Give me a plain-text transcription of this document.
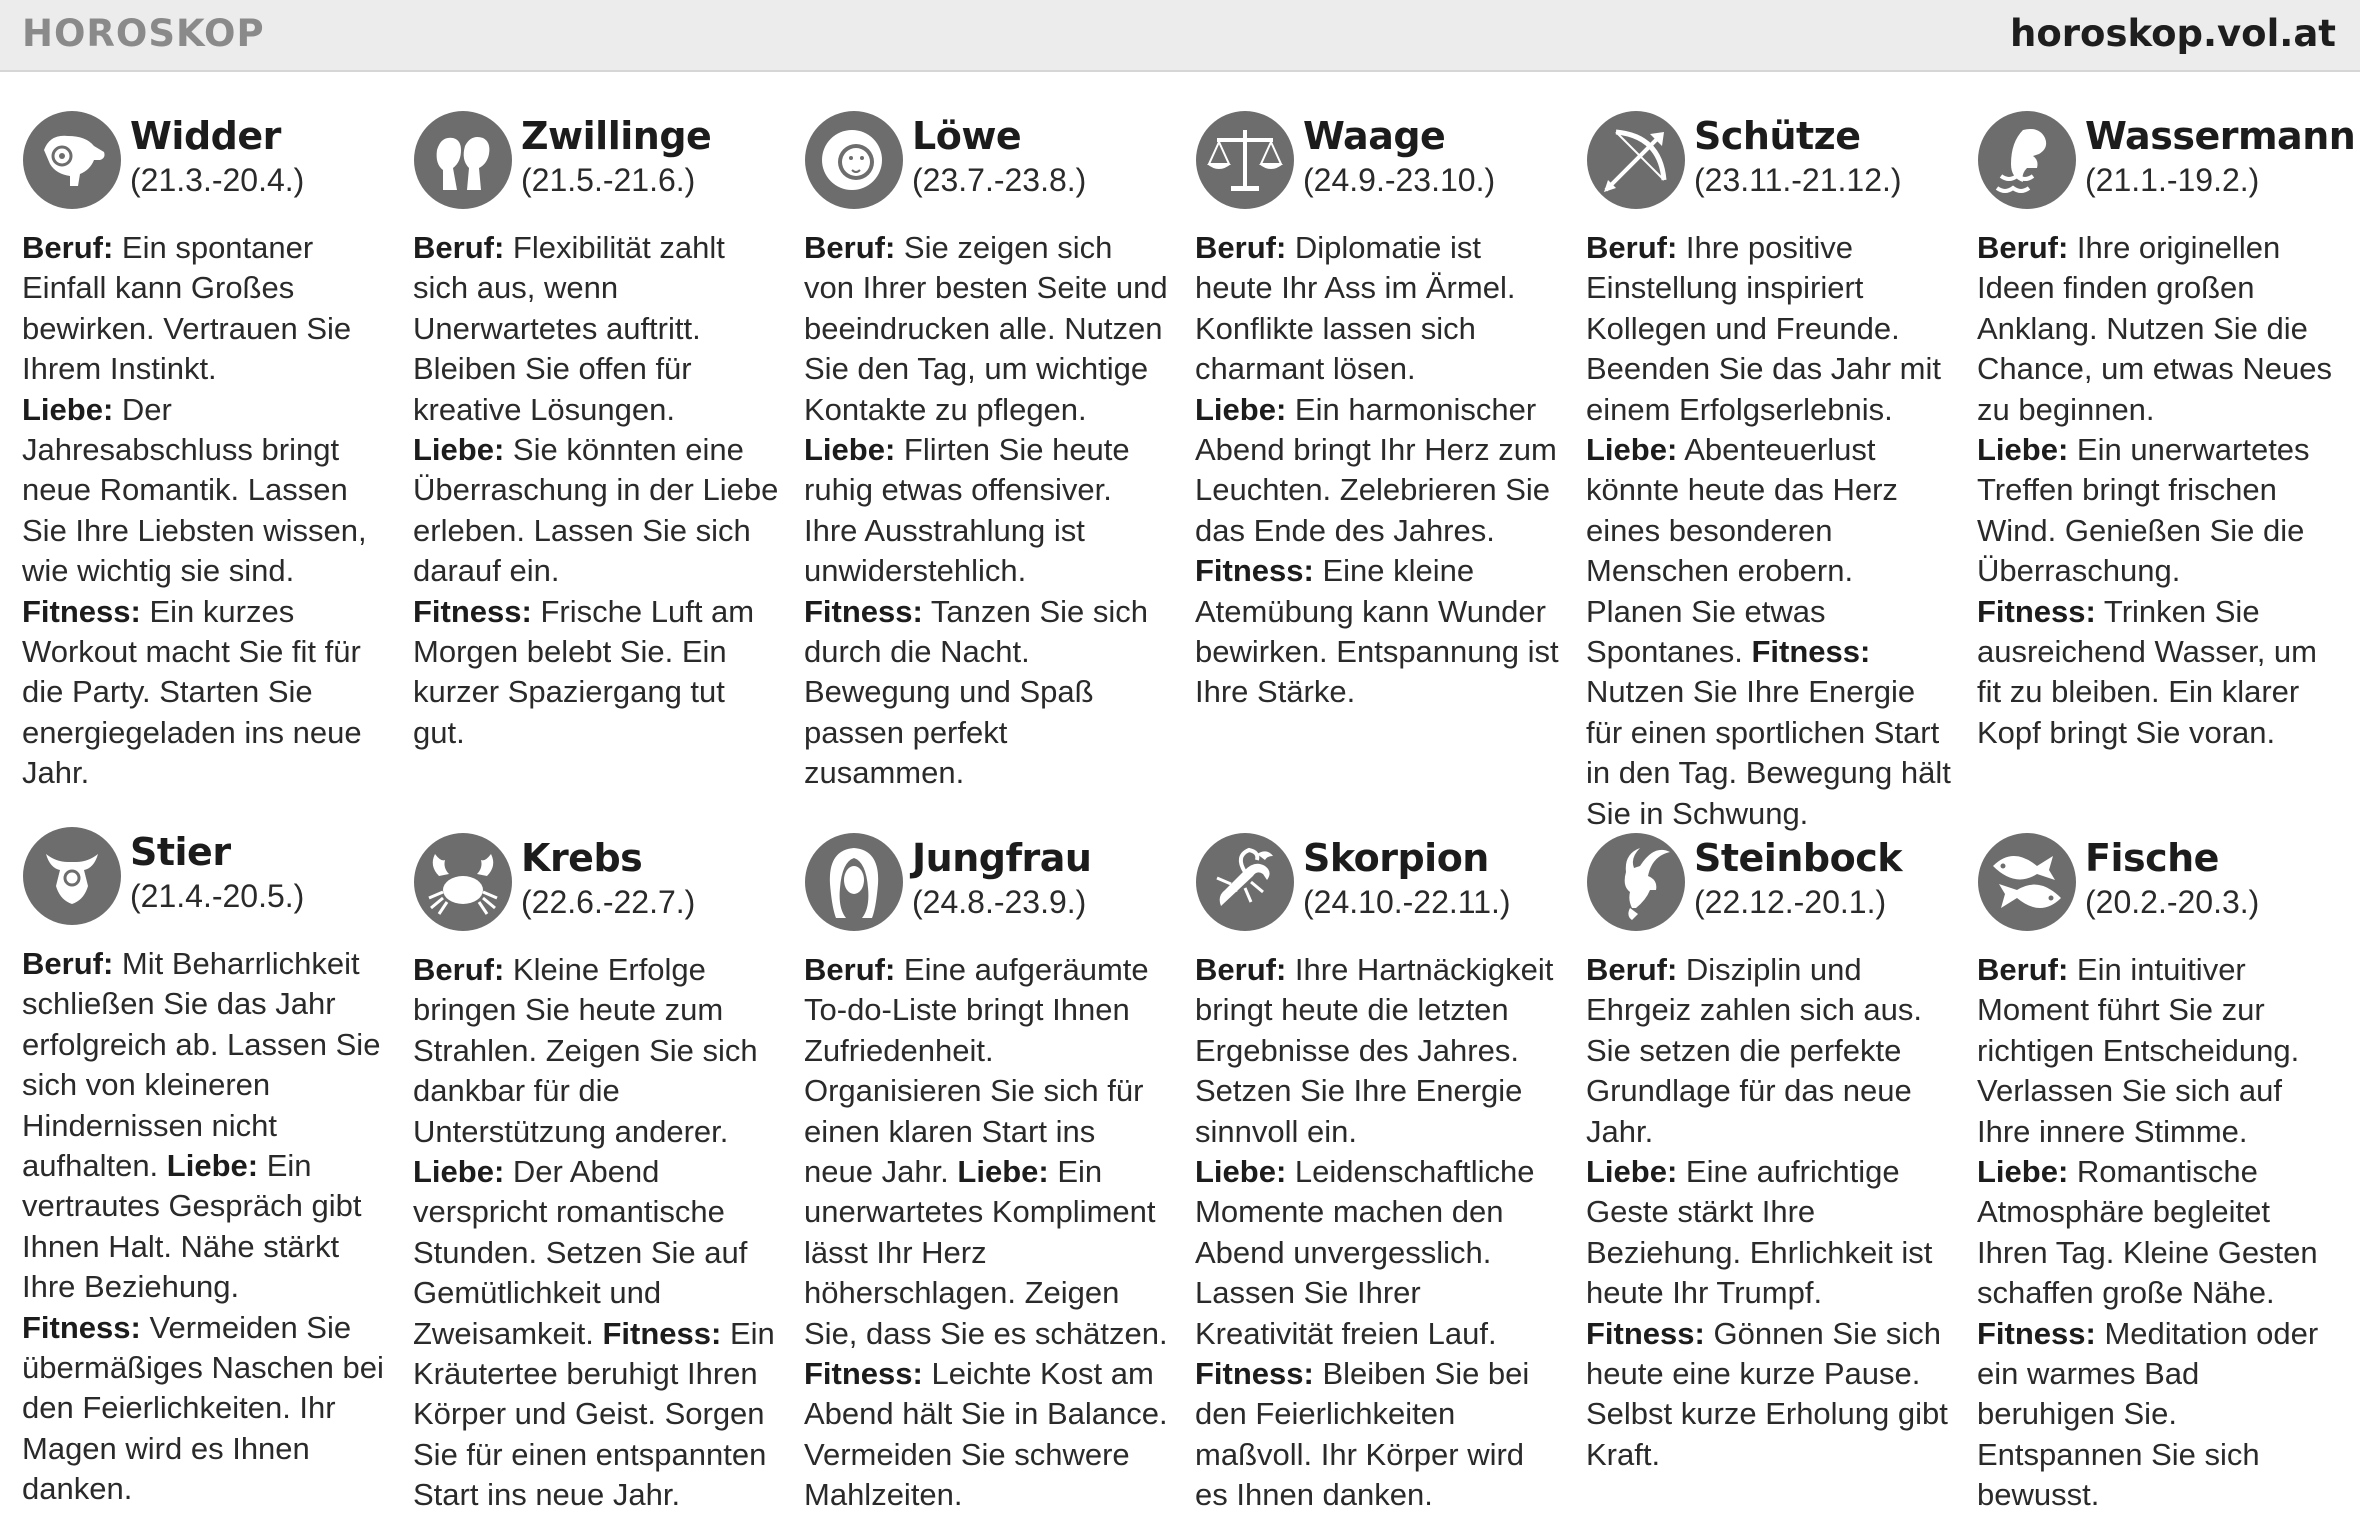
HOROSKOP	horoskop.vol.at
Widder
(21.3.-20.4.)
Beruf: Ein spontaner Einfall kann Großes bewirken. Vertrauen Sie Ihrem Instinkt.
Liebe: Der Jahresabschluss bringt neue Romantik. Lassen Sie Ihre Liebsten wissen, wie wichtig sie sind.
Fitness: Ein kurzes Workout macht Sie fit für die Party. Starten Sie energiegeladen ins neue Jahr.
Zwillinge
(21.5.-21.6.)
Beruf: Flexibilität zahlt sich aus, wenn Unerwartetes auftritt. Bleiben Sie offen für kreative Lösungen.
Liebe: Sie könnten eine Überraschung in der Liebe erleben. Lassen Sie sich darauf ein.
Fitness: Frische Luft am Morgen belebt Sie. Ein kurzer Spaziergang tut gut.
Löwe
(23.7.-23.8.)
Beruf: Sie zeigen sich von Ihrer besten Seite und beeindrucken alle. Nutzen Sie den Tag, um wichtige Kontakte zu pflegen.
Liebe: Flirten Sie heute ruhig etwas offensiver. Ihre Ausstrahlung ist unwiderstehlich.
Fitness: Tanzen Sie sich durch die Nacht. Bewegung und Spaß passen perfekt zusammen.
Waage
(24.9.-23.10.)
Beruf: Diplomatie ist heute Ihr Ass im Ärmel. Konflikte lassen sich charmant lösen.
Liebe: Ein harmonischer Abend bringt Ihr Herz zum Leuchten. Zelebrieren Sie das Ende des Jahres.
Fitness: Eine kleine Atemübung kann Wunder bewirken. Entspannung ist Ihre Stärke.
Schütze
(23.11.-21.12.)
Beruf: Ihre positive Einstellung inspiriert Kollegen und Freunde. Beenden Sie das Jahr mit einem Erfolgserlebnis. Liebe: Abenteuerlust könnte heute das Herz eines besonderen Menschen erobern. Planen Sie etwas Spontanes. Fitness: Nutzen Sie Ihre Energie für einen sportlichen Start in den Tag. Bewegung hält Sie in Schwung.
Wassermann
(21.1.-19.2.)
Beruf: Ihre originellen Ideen finden großen Anklang. Nutzen Sie die Chance, um etwas Neues zu beginnen.
Liebe: Ein unerwartetes Treffen bringt frischen Wind. Genießen Sie die Überraschung.
Fitness: Trinken Sie ausreichend Wasser, um fit zu bleiben. Ein klarer Kopf bringt Sie voran.
Stier
(21.4.-20.5.)
Beruf: Mit Beharrlichkeit schließen Sie das Jahr erfolgreich ab. Lassen Sie sich von kleineren Hindernissen nicht aufhalten. Liebe: Ein vertrautes Gespräch gibt Ihnen Halt. Nähe stärkt Ihre Beziehung.
Fitness: Vermeiden Sie übermäßiges Naschen bei den Feierlichkeiten. Ihr Magen wird es Ihnen danken.
Krebs
(22.6.-22.7.)
Beruf: Kleine Erfolge bringen Sie heute zum Strahlen. Zeigen Sie sich dankbar für die Unterstützung anderer.
Liebe: Der Abend verspricht romantische Stunden. Setzen Sie auf Gemütlichkeit und Zweisamkeit. Fitness: Ein Kräutertee beruhigt Ihren Körper und Geist. Sorgen Sie für einen entspannten Start ins neue Jahr.
Jungfrau
(24.8.-23.9.)
Beruf: Eine aufgeräumte To-do-Liste bringt Ihnen Zufriedenheit. Organisieren Sie sich für einen klaren Start ins neue Jahr. Liebe: Ein unerwartetes Kompliment lässt Ihr Herz höherschlagen. Zeigen Sie, dass Sie es schätzen.
Fitness: Leichte Kost am Abend hält Sie in Balance. Vermeiden Sie schwere Mahlzeiten.
Skorpion
(24.10.-22.11.)
Beruf: Ihre Hartnäckigkeit bringt heute die letzten Ergebnisse des Jahres. Setzen Sie Ihre Energie sinnvoll ein.
Liebe: Leidenschaftliche Momente machen den Abend unvergesslich. Lassen Sie Ihrer Kreativität freien Lauf.
Fitness: Bleiben Sie bei den Feierlichkeiten maßvoll. Ihr Körper wird es Ihnen danken.
Steinbock
(22.12.-20.1.)
Beruf: Disziplin und Ehrgeiz zahlen sich aus. Sie setzen die perfekte Grundlage für das neue Jahr.
Liebe: Eine aufrichtige Geste stärkt Ihre Beziehung. Ehrlichkeit ist heute Ihr Trumpf.
Fitness: Gönnen Sie sich heute eine kurze Pause. Selbst kurze Erholung gibt Kraft.
Fische
(20.2.-20.3.)
Beruf: Ein intuitiver Moment führt Sie zur richtigen Entscheidung. Verlassen Sie sich auf Ihre innere Stimme.
Liebe: Romantische Atmosphäre begleitet Ihren Tag. Kleine Gesten schaffen große Nähe.
Fitness: Meditation oder ein warmes Bad beruhigen Sie. Entspannen Sie sich bewusst.
